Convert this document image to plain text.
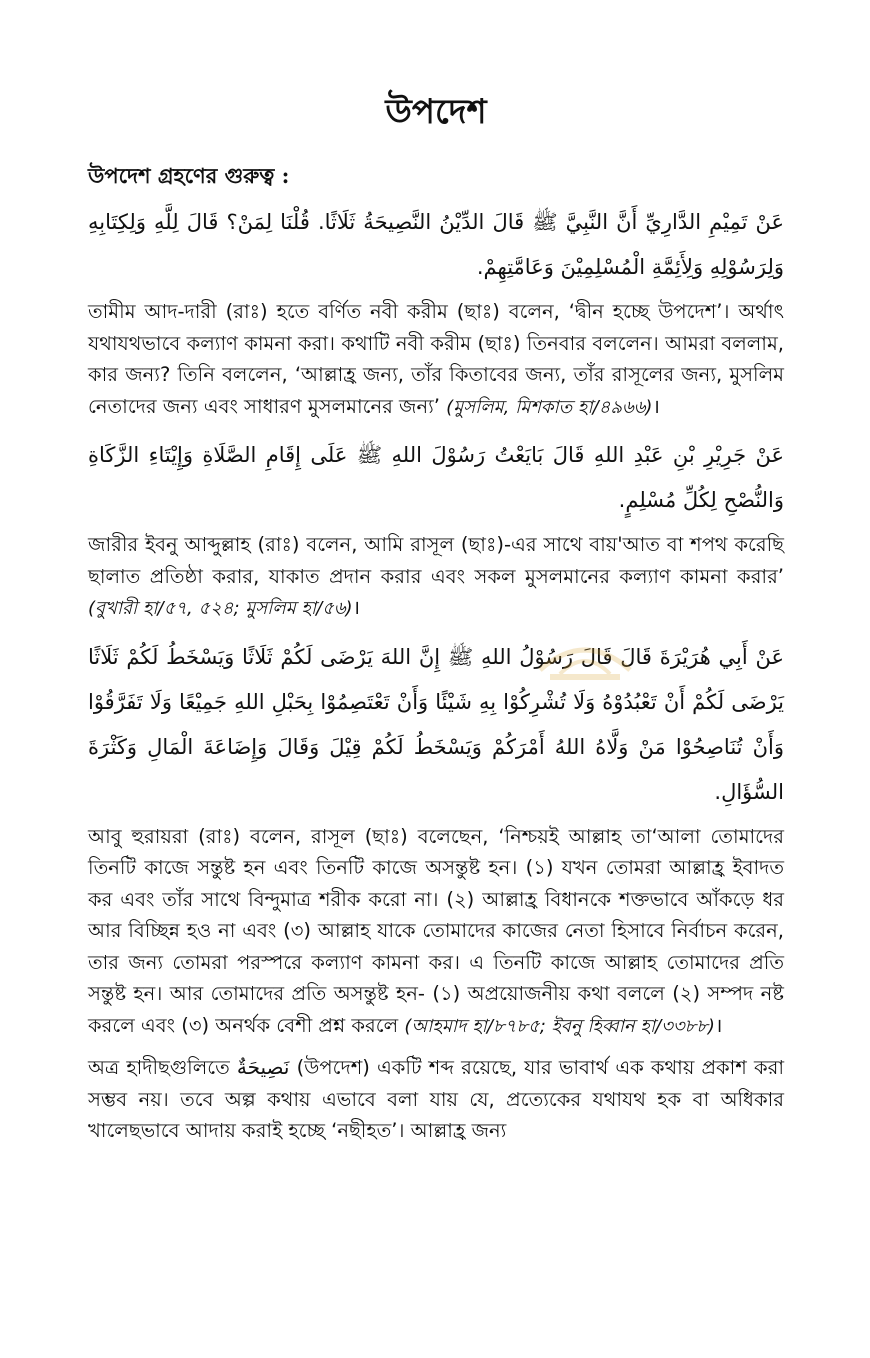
উপদেশ
উপদেশ গ্রহণের গুরুত্ব :

عَنْ تَمِيْمِ الدَّارِيِّ أَنَّ النَّبِيَّ ﷺ قَالَ الدِّيْنُ النَّصِيحَةُ ثَلَاثًا. قُلْنَا لِمَنْ؟ قَالَ لِلَّهِ وَلِكِتَابِهِ وَلِرَسُوْلِهِ وَلِأَئِمَّةِ الْمُسْلِمِيْنَ وَعَامَّتِهِمْ.

তামীম আদ-দারী (রাঃ) হতে বর্ণিত নবী করীম (ছাঃ) বলেন, ‘দ্বীন হচ্ছে উপদেশ’। অর্থাৎ যথাযথভাবে কল্যাণ কামনা করা। কথাটি নবী করীম (ছাঃ) তিনবার বললেন। আমরা বললাম, কার জন্য? তিনি বললেন, ‘আল্লাহ্র জন্য, তাঁর কিতাবের জন্য, তাঁর রাসূলের জন্য, মুসলিম নেতাদের জন্য এবং সাধারণ মুসলমানের জন্য’ (মুসলিম, মিশকাত হা/৪৯৬৬)।

عَنْ جَرِيْرِ بْنِ عَبْدِ اللهِ قَالَ بَايَعْتُ رَسُوْلَ اللهِ ﷺ عَلَى إِقَامِ الصَّلَاةِ وَإِيْتَاءِ الزَّكَاةِ وَالنُّصْحِ لِكُلِّ مُسْلِمٍ.

জারীর ইবনু আব্দুল্লাহ (রাঃ) বলেন, আমি রাসূল (ছাঃ)-এর সাথে বায়'আত বা শপথ করেছি ছালাত প্রতিষ্ঠা করার, যাকাত প্রদান করার এবং সকল মুসলমানের কল্যাণ কামনা করার’ (বুখারী হা/৫৭, ৫২৪; মুসলিম হা/৫৬)।

عَنْ أَبِي هُرَيْرَةَ قَالَ قَالَ رَسُوْلُ اللهِ ﷺ إِنَّ اللهَ يَرْضَى لَكُمْ ثَلَاثًا وَيَسْخَطُ لَكُمْ ثَلَاثًا يَرْضَى لَكُمْ أَنْ تَعْبُدُوْهُ وَلَا تُشْرِكُوْا بِهِ شَيْئًا وَأَنْ تَعْتَصِمُوْا بِحَبْلِ اللهِ جَمِيْعًا وَلَا تَفَرَّقُوْا وَأَنْ تُنَاصِحُوْا مَنْ وَلَّاهُ اللهُ أَمْرَكُمْ وَيَسْخَطُ لَكُمْ قِيْلَ وَقَالَ وَإِضَاعَةَ الْمَالِ وَكَثْرَةَ السُّؤَالِ.

আবু হুরায়রা (রাঃ) বলেন, রাসূল (ছাঃ) বলেছেন, ‘নিশ্চয়ই আল্লাহ তা‘আলা তোমাদের তিনটি কাজে সন্তুষ্ট হন এবং তিনটি কাজে অসন্তুষ্ট হন। (১) যখন তোমরা আল্লাহ্র ইবাদত কর এবং তাঁর সাথে বিন্দুমাত্র শরীক করো না। (২) আল্লাহ্র বিধানকে শক্তভাবে আঁকড়ে ধর আর বিচ্ছিন্ন হও না এবং (৩) আল্লাহ যাকে তোমাদের কাজের নেতা হিসাবে নির্বাচন করেন, তার জন্য তোমরা পরস্পরে কল্যাণ কামনা কর। এ তিনটি কাজে আল্লাহ তোমাদের প্রতি সন্তুষ্ট হন। আর তোমাদের প্রতি অসন্তুষ্ট হন- (১) অপ্রয়োজনীয় কথা বললে (২) সম্পদ নষ্ট করলে এবং (৩) অনর্থক বেশী প্রশ্ন করলে (আহমাদ হা/৮৭৮৫; ইবনু হিব্বান হা/৩৩৮৮)।

অত্র হাদীছগুলিতে نَصِيحَةٌ (উপদেশ) একটি শব্দ রয়েছে, যার ভাবার্থ এক কথায় প্রকাশ করা সম্ভব নয়। তবে অল্প কথায় এভাবে বলা যায় যে, প্রত্যেকের যথাযথ হক বা অধিকার খালেছভাবে আদায় করাই হচ্ছে ‘নছীহত’। আল্লাহ্র জন্য
